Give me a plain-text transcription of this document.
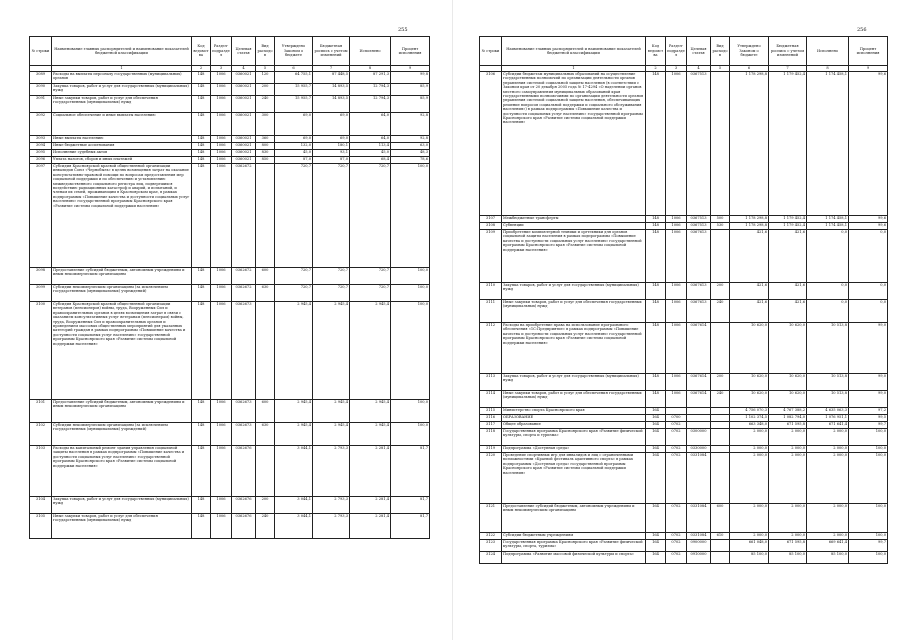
255
№ строки	Наименование главных распорядителей и наименование показателей бюджетной классификации	Код ведомства	Раздел-подраздел	Целевая статья	Вид расходов	Утверждено Законом о бюджете	Бюджетная роспись с учетом изменений	Исполнено	Процент исполнения
	1	2	3	4	5	6	7	8	9
3089	Расходы на выплаты персоналу государственных (муниципальных) органов	148	1006	0360021	120	64 755,1	87 448,5	87 291,3	99,8
3090	Закупка товаров, работ и услуг для государственных (муниципальных) нужд	148	1006	0360021	200	15 955,7	14 893,5	12 794,3	85,9
3091	Иные закупки товаров, работ и услуг для обеспечения государственных (муниципальных) нужд	148	1006	0360021	240	15 955,7	14 893,5	12 794,3	85,9
3092	Социальное обеспечение и иные выплаты населению	148	1006	0360021	300	69,0	69,0	64,0	92,8
3093	Иные выплаты населению	148	1006	0360021	360	69,0	69,0	64,0	92,8
3094	Иные бюджетные ассигнования	148	1006	0360021	800	132,0	180,1	113,4	63,0
3095	Исполнение судебных актов	148	1006	0360021	830	45,0	93,1	45,0	48,3
3096	Уплата налогов, сборов и иных платежей	148	1006	0360021	850	87,0	87,0	68,4	78,6
3097	Субсидия Красноярской краевой общественной организации инвалидов Союз «Чернобыль» в целях возмещения затрат на оказание консультативно-правовой помощи по вопросам предоставления мер социальной поддержки и по обеспечению и установлению межведомственного социального регистра лиц, подвергшихся воздействию радиационных катастроф и аварий, и испытаний, и членам их семей, проживающим в Красноярском крае, в рамках подпрограммы «Повышение качества и доступности социальных услуг населению» государственной программы Красноярского края «Развитие системы социальной поддержки населения»	148	1006	0362672		720,7	720,7	720,7	100,0
3098	Предоставление субсидий бюджетным, автономным учреждениям и иным некоммерческим организациям	148	1006	0362672	600	720,7	720,7	720,7	100,0
3099	Субсидии некоммерческим организациям (за исключением государственных (муниципальных) учреждений)	148	1006	0362672	630	720,7	720,7	720,7	100,0
3100	Субсидия Красноярской краевой общественной организации ветеранов (пенсионеров) войны, труда, Вооруженных Сил и правоохранительных органов в целях возмещения затрат в связи с оказанием консультативных услуг ветеранам (пенсионерам) войны, труда, Вооруженных Сил и правоохранительных органов и проведением массовых общественных мероприятий для указанных категорий граждан в рамках подпрограммы «Повышение качества и доступности социальных услуг населению» государственной программы Красноярского края «Развитие системы социальной поддержки населения»	148	1006	0362673		2 945,4	2 945,4	2 945,4	100,0
3101	Предоставление субсидий бюджетным, автономным учреждениям и иным некоммерческим организациям	148	1006	0362673	600	2 945,4	2 945,4	2 945,4	100,0
3102	Субсидии некоммерческим организациям (за исключением государственных (муниципальных) учреждений)	148	1006	0362673	630	2 945,4	2 945,4	2 945,4	100,0
3103	Расходы на капитальный ремонт здания управления социальной защиты населения в рамках подпрограммы «Повышение качества и доступности социальных услуг населению» государственной программы Красноярского края «Развитие системы социальной поддержки населения»	148	1006	0362676		3 044,1	2 793,3	2 281,4	81,7
3104	Закупка товаров, работ и услуг для государственных (муниципальных) нужд	148	1006	0362676	200	3 044,1	2 793,3	2 281,4	81,7
3105	Иные закупки товаров, работ и услуг для обеспечения государственных (муниципальных) нужд	148	1006	0362676	240	3 044,1	2 793,3	2 281,4	81,7
256
№ строки	Наименование главных распорядителей и наименование показателей бюджетной классификации	Код ведомства	Раздел-подраздел	Целевая статья	Вид расходов	Утверждено Законом о бюджете	Бюджетная роспись с учетом изменений	Исполнено	Процент исполнения
	1	2	3	4	5	6	7	8	9
3106	Субсидии бюджетам муниципальных образований на осуществление государственных полномочий по организации деятельности органов управления системой социальной защиты населения (в соответствии с Законом края от 20 декабря 2005 года № 17-4294 «О наделении органов местного самоуправления муниципальных образований края государственными полномочиями по организации деятельности органов управления системой социальной защиты населения, обеспечивающих решение вопросов социальной поддержки и социального обслуживания населения») в рамках подпрограммы «Повышение качества и доступности социальных услуг населению» государственной программы Красноярского края «Развитие системы социальной поддержки населения»	148	1006	0367513		1 178 298,8	1 179 452,4	1 174 458,1	99,6
3107	Межбюджетные трансферты	148	1006	0367513	500	1 178 298,8	1 179 452,4	1 174 458,1	99,6
3108	Субвенции	148	1006	0367513	530	1 178 298,8	1 179 452,4	1 174 458,1	99,6
3109	Приобретение компьютерной техники и оргтехники для органов социальной защиты населения в рамках подпрограммы «Повышение качества и доступности социальных услуг населению» государственной программы Красноярского края «Развитие системы социальной поддержки населения»	148	1006	0367613		421,6	421,6	0,0	0,0
3110	Закупка товаров, работ и услуг для государственных (муниципальных) нужд	148	1006	0367613	200	421,6	421,6	0,0	0,0
3111	Иные закупки товаров, работ и услуг для обеспечения государственных (муниципальных) нужд	148	1006	0367613	240	421,6	421,6	0,0	0,0
3112	Расходы на приобретение права на использование программного обеспечения «1С:Предприятие» в рамках подпрограммы «Повышение качества и доступности социальных услуг населению» государственной программы Красноярского края «Развитие системы социальной поддержки населения»	148	1006	0367614		10 620,0	10 620,0	10 513,8	99,0
3113	Закупка товаров, работ и услуг для государственных (муниципальных) нужд	148	1006	0367614	200	10 620,0	10 620,0	10 513,8	99,0
3114	Иные закупки товаров, работ и услуг для обеспечения государственных (муниципальных) нужд	148	1006	0367614	240	10 620,0	10 620,0	10 513,8	99,0
3115	Министерство спорта Красноярского края	164				4 756 070,3	4 767 388,2	4 635 063,3	97,2
3116	ОБРАЗОВАНИЕ	164	0700			1 102 374,5	1 082 794,0	1 076 951,1	99,5
3117	Общее образование	164	0702			663 348,0	671 595,8	671 641,4	99,7
3118	Государственная программа Красноярского края «Развитие физической культуры, спорта и туризма»	164	0702	0300000		2 000,0	2 000,0	2 000,0	100,0
3119	Подпрограмма «Доступная среда»	164	0702	0330000		2 000,0	2 000,0	2 000,0	100,0
3120	Проведение спортивных игр для инвалидов и лиц с ограниченными возможностями «Краевой фестиваль адаптивного спорта» в рамках подпрограммы «Доступная среда» государственной программы Красноярского края «Развитие системы социальной поддержки населения»	164	0702	0331084		2 000,0	2 000,0	2 000,0	100,0
3121	Предоставление субсидий бюджетным, автономным учреждениям и иным некоммерческим организациям	164	0702	0331084	600	2 000,0	2 000,0	2 000,0	100,0
3122	Субсидии бюджетным учреждениям	164	0702	0331084	610	2 000,0	2 000,0	2 000,0	100,0
3123	Государственная программа Красноярского края «Развитие физической культуры, спорта, туризма»	164	0702	0900000		661 048,0	671 595,8	669 641,4	99,7
3124	Подпрограмма «Развитие массовой физической культуры и спорта»	164	0702	0910000		85 100,0	85 100,0	85 100,0	100,0
